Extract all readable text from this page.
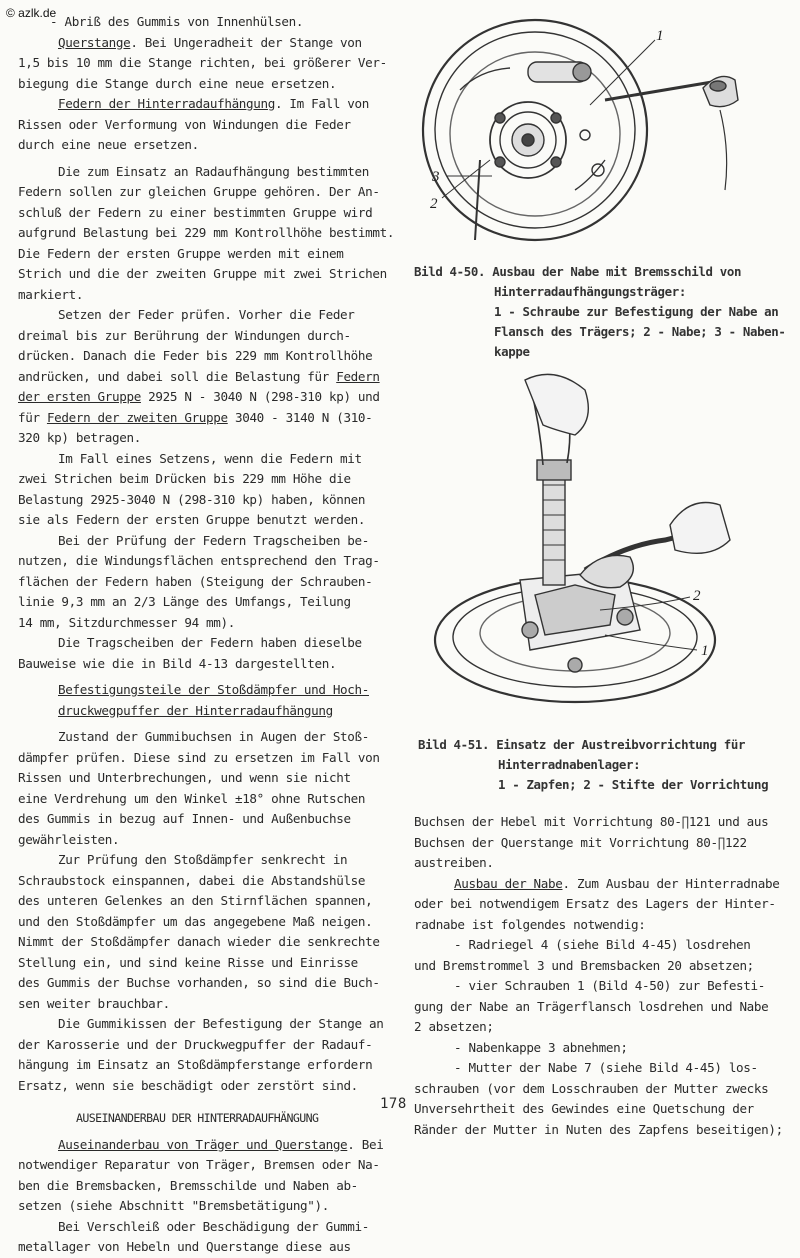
© azlk.de

- Abriß des Gummis von Innenhülsen.

Querstange. Bei Ungeradheit der Stange von

1,5 bis 10 mm die Stange richten, bei größerer Ver-

biegung die Stange durch eine neue ersetzen.

Federn der Hinterradaufhängung. Im Fall von

Rissen oder Verformung von Windungen die Feder

durch eine neue ersetzen.

Die zum Einsatz an Radaufhängung bestimmten

Federn sollen zur gleichen Gruppe gehören. Der An-

schluß der Federn zu einer bestimmten Gruppe wird

aufgrund Belastung bei 229 mm Kontrollhöhe bestimmt.

Die Federn der ersten Gruppe werden mit einem

Strich und die der zweiten Gruppe mit zwei Strichen

markiert.

Setzen der Feder prüfen. Vorher die Feder

dreimal bis zur Berührung der Windungen durch-

drücken. Danach die Feder bis 229 mm Kontrollhöhe

andrücken, und dabei soll die Belastung für Federn

der ersten Gruppe 2925 N - 3040 N (298-310 kp) und

für Federn der zweiten Gruppe 3040 - 3140 N (310-

320 kp) betragen.

Im Fall eines Setzens, wenn die Federn mit

zwei Strichen beim Drücken bis 229 mm Höhe die

Belastung 2925-3040 N (298-310 kp) haben, können

sie als Federn der ersten Gruppe benutzt werden.

Bei der Prüfung der Federn Tragscheiben be-

nutzen, die Windungsflächen entsprechend den Trag-

flächen der Federn haben (Steigung der Schrauben-

linie 9,3 mm an 2/3 Länge des Umfangs, Teilung

14 mm, Sitzdurchmesser 94 mm).

Die Tragscheiben der Federn haben dieselbe

Bauweise wie die in Bild 4-13 dargestellten.

Befestigungsteile der Stoßdämpfer und Hoch-

druckwegpuffer der Hinterradaufhängung

Zustand der Gummibuchsen in Augen der Stoß-

dämpfer prüfen. Diese sind zu ersetzen im Fall von

Rissen und Unterbrechungen, und wenn sie nicht

eine Verdrehung um den Winkel ±18° ohne Rutschen

des Gummis in bezug auf Innen- und Außenbuchse

gewährleisten.

Zur Prüfung den Stoßdämpfer senkrecht in

Schraubstock einspannen, dabei die Abstandshülse

des unteren Gelenkes an den Stirnflächen spannen,

und den Stoßdämpfer um das angegebene Maß neigen.

Nimmt der Stoßdämpfer danach wieder die senkrechte

Stellung ein, und sind keine Risse und Einrisse

des Gummis der Buchse vorhanden, so sind die Buch-

sen weiter brauchbar.

Die Gummikissen der Befestigung der Stange an

der Karosserie und der Druckwegpuffer der Radauf-

hängung im Einsatz an Stoßdämpferstange erfordern

Ersatz, wenn sie beschädigt oder zerstört sind.

AUSEINANDERBAU DER HINTERRADAUFHÄNGUNG

Auseinanderbau von Träger und Querstange. Bei

notwendiger Reparatur von Träger, Bremsen oder Na-

ben die Bremsbacken, Bremsschilde und Naben ab-

setzen (siehe Abschnitt "Bremsbetätigung").

Bei Verschleiß oder Beschädigung der Gummi-

metallager von Hebeln und Querstange diese aus

1
3
2

Bild 4-50. Ausbau der Nabe mit Bremsschild von

Hinterradaufhängungsträger:

1 - Schraube zur Befestigung der Nabe an

Flansch des Trägers; 2 - Nabe; 3 - Naben-

kappe

2
1

Bild 4-51. Einsatz der Austreibvorrichtung für

Hinterradnabenlager:

1 - Zapfen; 2 - Stifte der Vorrichtung

Buchsen der Hebel mit Vorrichtung 80-∏121 und aus

Buchsen der Querstange mit Vorrichtung 80-∏122

austreiben.

Ausbau der Nabe. Zum Ausbau der Hinterradnabe

oder bei notwendigem Ersatz des Lagers der Hinter-

radnabe ist folgendes notwendig:

- Radriegel 4 (siehe Bild 4-45) losdrehen

und Bremstrommel 3 und Bremsbacken 20 absetzen;

- vier Schrauben 1 (Bild 4-50) zur Befesti-

gung der Nabe an Trägerflansch losdrehen und Nabe

2 absetzen;

- Nabenkappe 3 abnehmen;

- Mutter der Nabe 7 (siehe Bild 4-45) los-

schrauben (vor dem Losschrauben der Mutter zwecks

Unversehrtheit des Gewindes eine Quetschung der

Ränder der Mutter in Nuten des Zapfens beseitigen);

178
